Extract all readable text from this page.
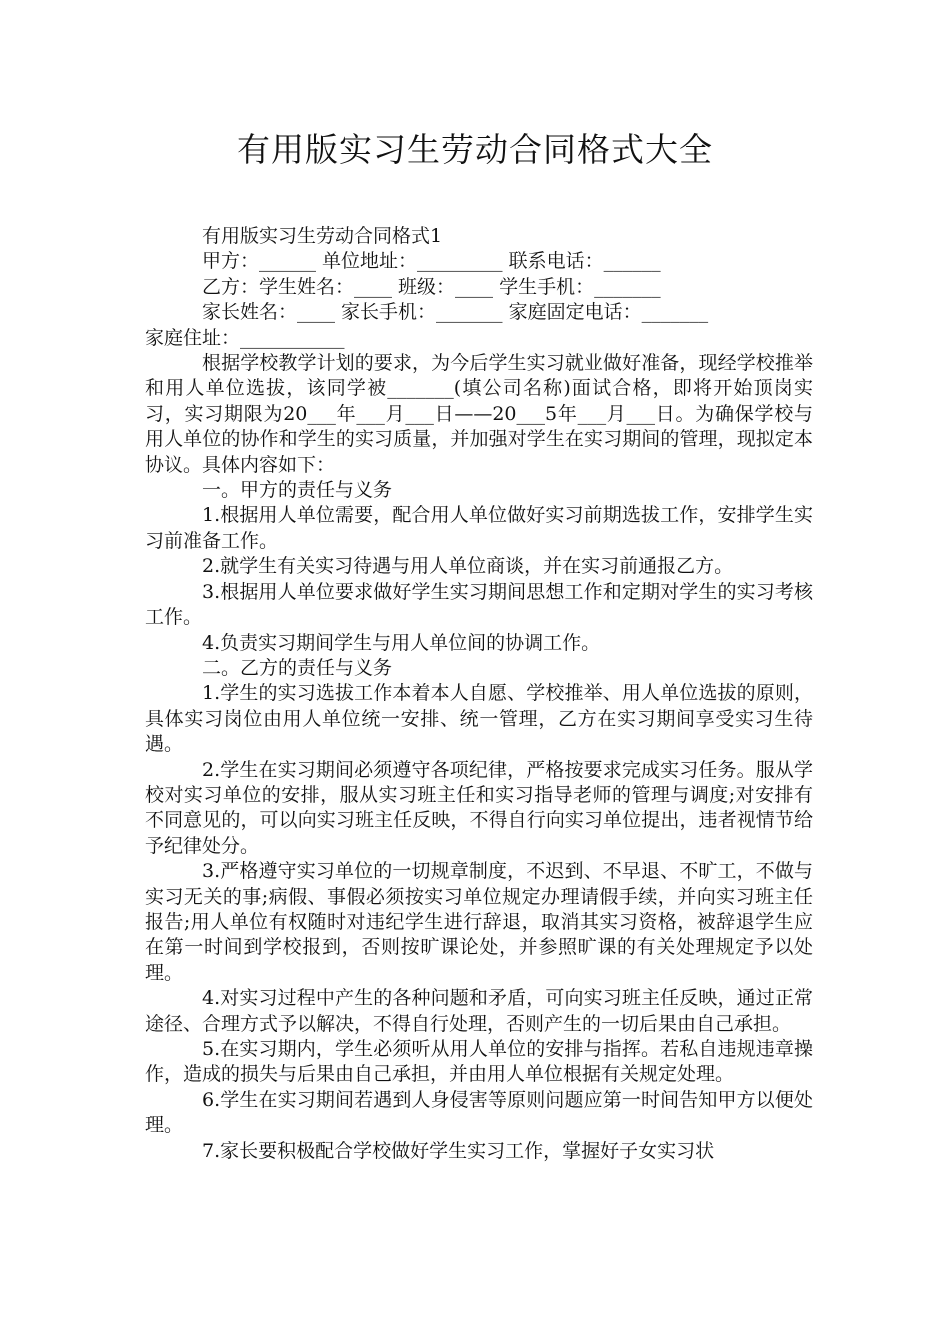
有用版实习生劳动合同格式大全

有用版实习生劳动合同格式1

甲方：______ 单位地址：_________ 联系电话：______

乙方：学生姓名：____ 班级：____ 学生手机：_______

家长姓名：____ 家长手机：_______ 家庭固定电话：_______

家庭住址：___________

根据学校教学计划的要求，为今后学生实习就业做好准备，现经学校推举和用人单位选拔，该同学被_______(填公司名称)面试合格，即将开始顶岗实习，实习期限为20___年___月___日——20___5年___月___日。为确保学校与用人单位的协作和学生的实习质量，并加强对学生在实习期间的管理，现拟定本协议。具体内容如下：

一。甲方的责任与义务

1.根据用人单位需要，配合用人单位做好实习前期选拔工作，安排学生实习前准备工作。

2.就学生有关实习待遇与用人单位商谈，并在实习前通报乙方。

3.根据用人单位要求做好学生实习期间思想工作和定期对学生的实习考核工作。

4.负责实习期间学生与用人单位间的协调工作。

二。乙方的责任与义务

1.学生的实习选拔工作本着本人自愿、学校推举、用人单位选拔的原则，具体实习岗位由用人单位统一安排、统一管理，乙方在实习期间享受实习生待遇。

2.学生在实习期间必须遵守各项纪律，严格按要求完成实习任务。服从学校对实习单位的安排，服从实习班主任和实习指导老师的管理与调度;对安排有不同意见的，可以向实习班主任反映，不得自行向实习单位提出，违者视情节给予纪律处分。

3.严格遵守实习单位的一切规章制度，不迟到、不早退、不旷工，不做与实习无关的事;病假、事假必须按实习单位规定办理请假手续，并向实习班主任报告;用人单位有权随时对违纪学生进行辞退，取消其实习资格，被辞退学生应在第一时间到学校报到，否则按旷课论处，并参照旷课的有关处理规定予以处理。

4.对实习过程中产生的各种问题和矛盾，可向实习班主任反映，通过正常途径、合理方式予以解决，不得自行处理，否则产生的一切后果由自己承担。

5.在实习期内，学生必须听从用人单位的安排与指挥。若私自违规违章操作，造成的损失与后果由自己承担，并由用人单位根据有关规定处理。

6.学生在实习期间若遇到人身侵害等原则问题应第一时间告知甲方以便处理。

7.家长要积极配合学校做好学生实习工作，掌握好子女实习状
